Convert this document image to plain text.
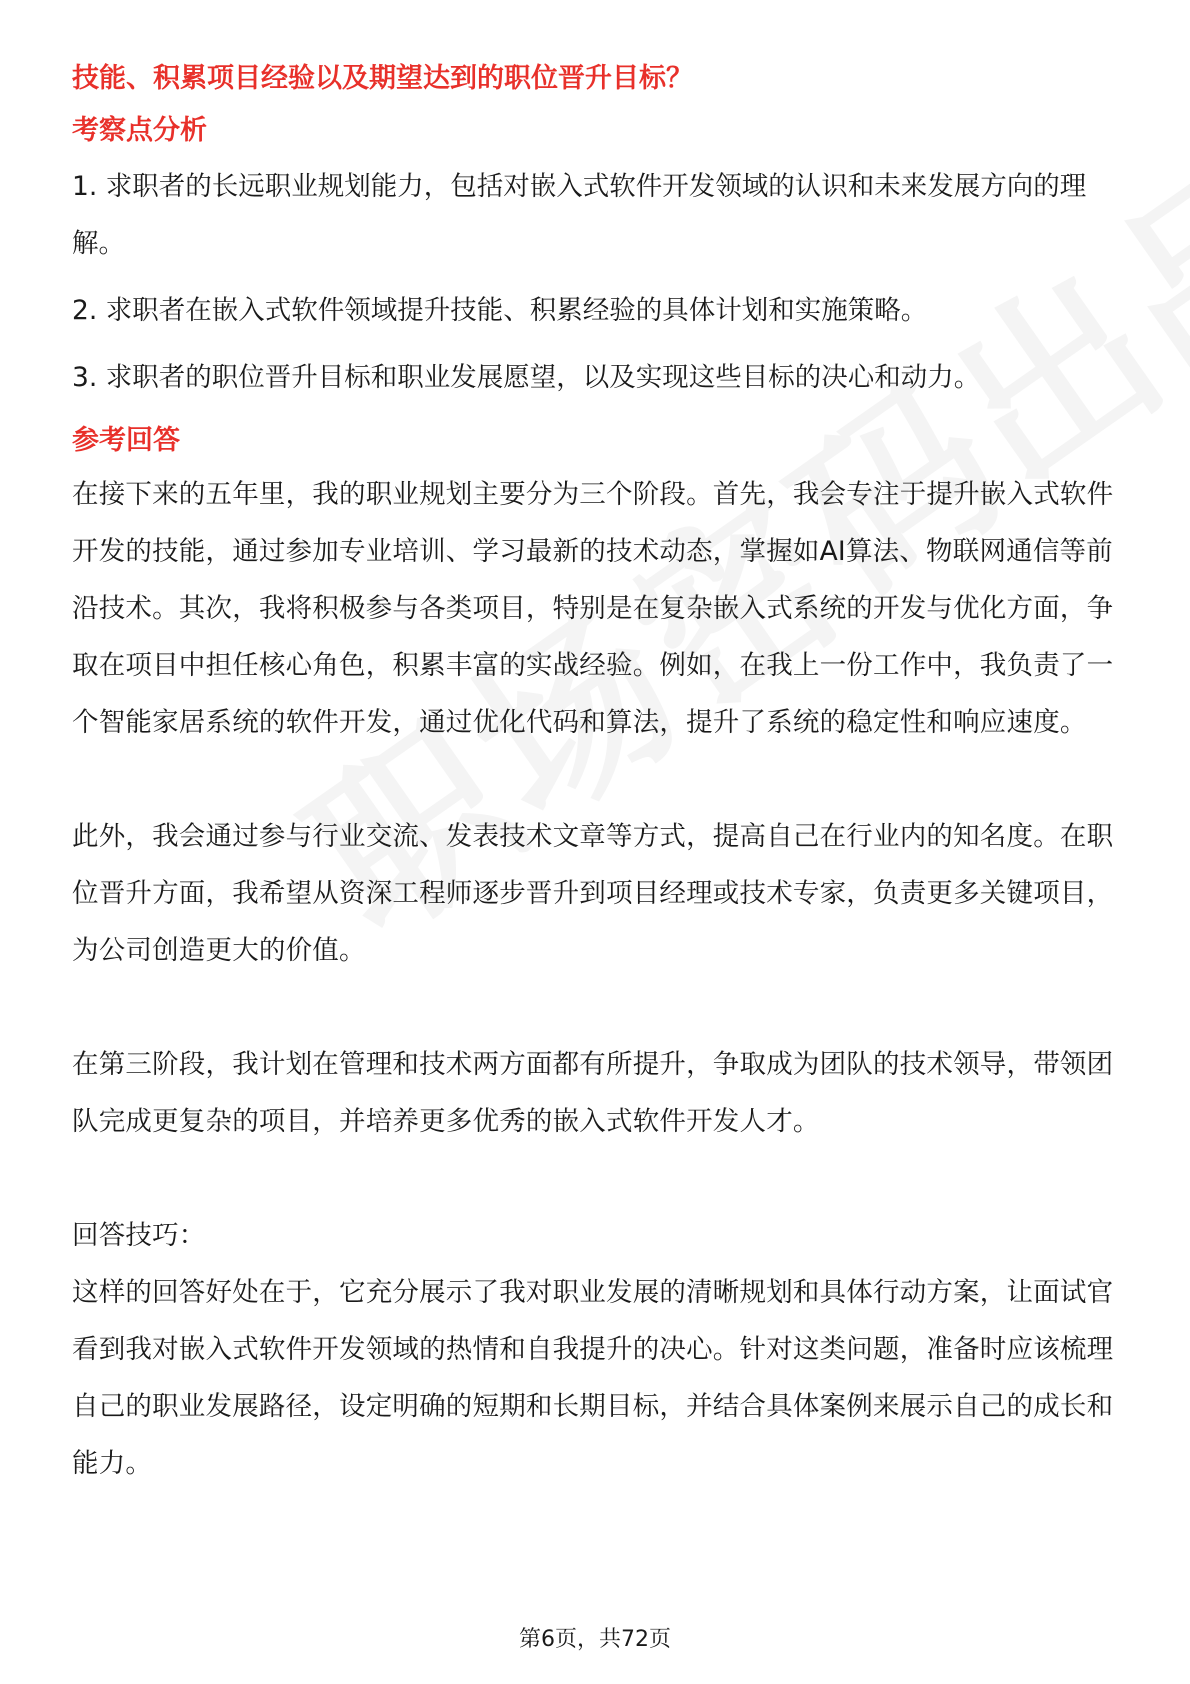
技能、积累项目经验以及期望达到的职位晋升目标？

考察点分析

1. 求职者的长远职业规划能力，包括对嵌入式软件开发领域的认识和未来发展方向的理解。

2. 求职者在嵌入式软件领域提升技能、积累经验的具体计划和实施策略。

3. 求职者的职位晋升目标和职业发展愿望，以及实现这些目标的决心和动力。

参考回答

在接下来的五年里，我的职业规划主要分为三个阶段。首先，我会专注于提升嵌入式软件开发的技能，通过参加专业培训、学习最新的技术动态，掌握如AI算法、物联网通信等前沿技术。其次，我将积极参与各类项目，特别是在复杂嵌入式系统的开发与优化方面，争取在项目中担任核心角色，积累丰富的实战经验。例如，在我上一份工作中，我负责了一个智能家居系统的软件开发，通过优化代码和算法，提升了系统的稳定性和响应速度。

此外，我会通过参与行业交流、发表技术文章等方式，提高自己在行业内的知名度。在职位晋升方面，我希望从资深工程师逐步晋升到项目经理或技术专家，负责更多关键项目，为公司创造更大的价值。

在第三阶段，我计划在管理和技术两方面都有所提升，争取成为团队的技术领导，带领团队完成更复杂的项目，并培养更多优秀的嵌入式软件开发人才。

回答技巧：

这样的回答好处在于，它充分展示了我对职业发展的清晰规划和具体行动方案，让面试官看到我对嵌入式软件开发领域的热情和自我提升的决心。针对这类问题，准备时应该梳理自己的职业发展路径，设定明确的短期和长期目标，并结合具体案例来展示自己的成长和能力。

第6页，共72页
